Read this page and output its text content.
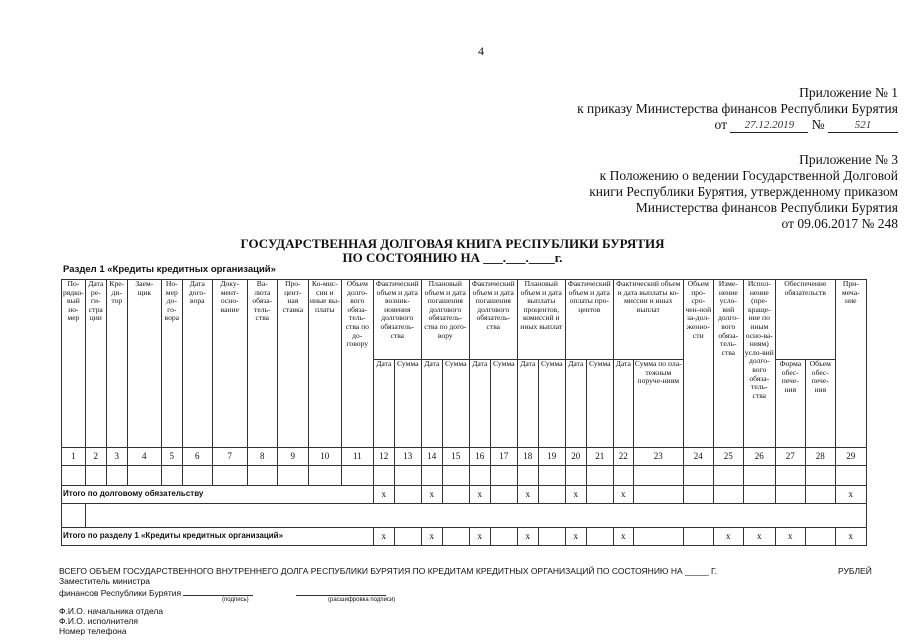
4
Приложение № 1
к приказу Министерства финансов Республики Бурятия
от 27.12.2019 №	521
Приложение № 3
к Положению о ведении Государственной Долговой
книги Республики Бурятия, утвержденному приказом
Министерства финансов Республики Бурятия
от 09.06.2017 № 248
ГОСУДАРСТВЕННАЯ ДОЛГОВАЯ КНИГА РЕСПУБЛИКИ БУРЯТИЯ
ПО СОСТОЯНИЮ НА ___.___.____г.
Раздел 1 «Кредиты кредитных организаций»
По-рядко-вый но-мер	Дата ре-ги-стра ции	Кре-ди-тор	Заем-щик	Но-мер до-го-вора	Дата дого-вора	Доку-мент-осно-вание	Ва-люта обяза-тель-ства	Про-цент-ная ставка	Ко-мис-сии и иные вы-платы	Объем долго-вого обяза-тель-ства по до-говору	Фактический объем и дата возник-новения долгового обязатель-ства		Плановый объем и дата погашения долгового обязатель-ства по дого-вору		Фактический объем и дата погашения долгового обязатель-ства		Плановый объем и дата выплаты процентов, комиссий и иных выплат		Фактический объем и дата оплаты про-центов		Фактический объем и дата выплаты ко-миссии и иных выплат		Объем про-сро-чен-ной за-дол-женно-сти	Изме-нение усло-вий долго-вого обяза-тель-ства	Испол-нение (пре-краще-ние по иным осно-ва-ниям) усло-вий долго-вого обяза-тель-ства	Обеспечение обязательств		При-меча-ние
											Дата	Сумма	Дата	Сумма	Дата	Сумма	Дата	Сумма	Дата	Сумма	Дата	Сумма по пла-тежным поруче-ниям				Форма обес-пече-ния	Объем обес-пече-ния	
1	2	3	4	5	6	7	8	9	10	11	12	13	14	15	16	17	18	19	20	21	22	23	24	25	26	27	28	29

Итого по долговому обязательству											x		x		x		x		x		x							x

Итого по разделу 1 «Кредиты кредитных организаций»											x		x		x		x		x		x			x	x	x		x
ВСЕГО ОБЪЕМ ГОСУДАРСТВЕННОГО ВНУТРЕННЕГО ДОЛГА РЕСПУБЛИКИ БУРЯТИЯ ПО КРЕДИТАМ КРЕДИТНЫХ ОРГАНИЗАЦИЙ ПО СОСТОЯНИЮ НА _____ Г.	РУБЛЕЙ
Заместитель министра
финансов Республики Бурятия
(подпись)	(расшифровка подписи)
Ф.И.О. начальника отдела
Ф.И.О. исполнителя
Номер телефона
